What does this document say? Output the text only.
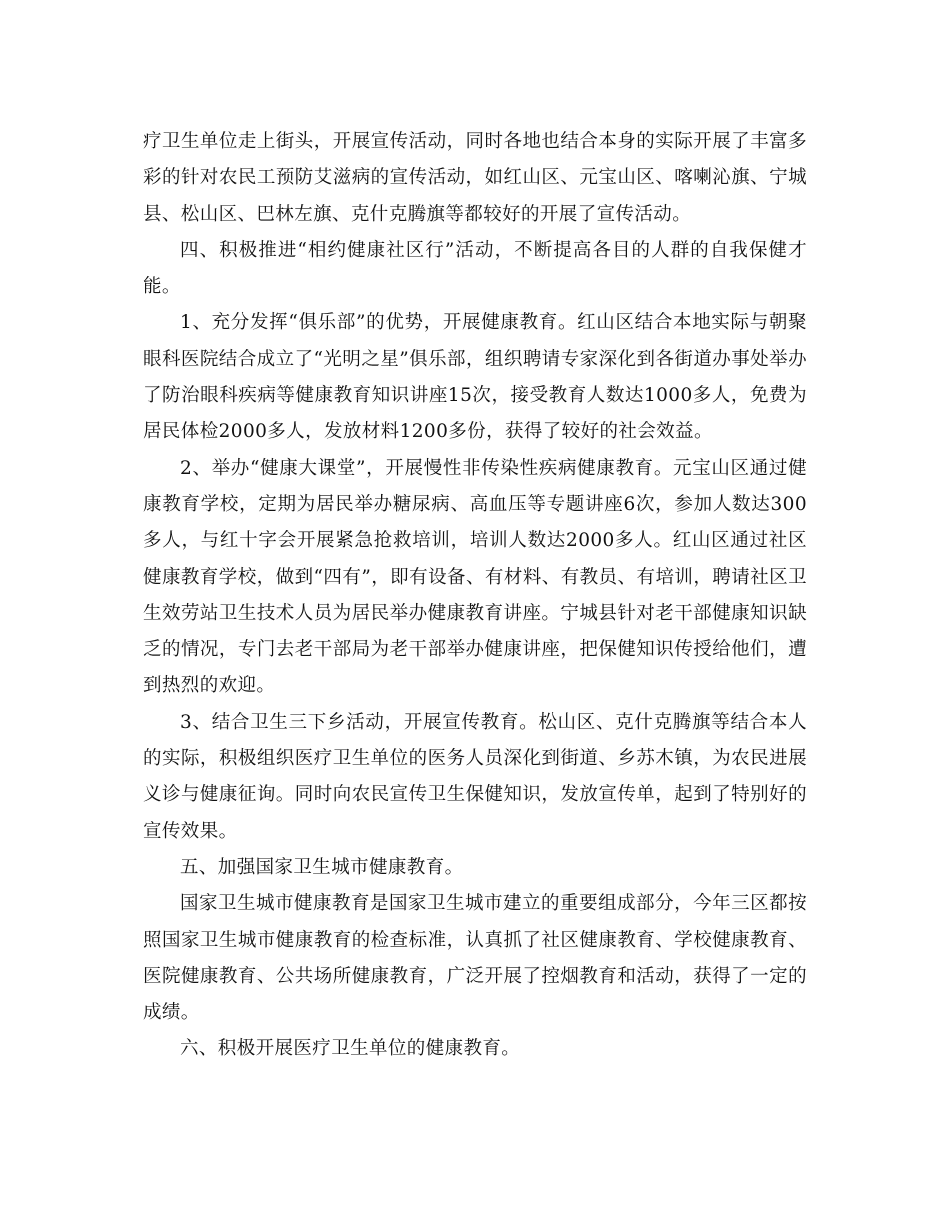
疗卫生单位走上街头，开展宣传活动，同时各地也结合本身的实际开展了丰富多彩的针对农民工预防艾滋病的宣传活动，如红山区、元宝山区、喀喇沁旗、宁城县、松山区、巴林左旗、克什克腾旗等都较好的开展了宣传活动。

四、积极推进“相约健康社区行”活动，不断提高各目的人群的自我保健才能。

1、充分发挥“俱乐部”的优势，开展健康教育。红山区结合本地实际与朝聚眼科医院结合成立了“光明之星”俱乐部，组织聘请专家深化到各街道办事处举办了防治眼科疾病等健康教育知识讲座15次，接受教育人数达1000多人，免费为居民体检2000多人，发放材料1200多份，获得了较好的社会效益。

2、举办“健康大课堂”，开展慢性非传染性疾病健康教育。元宝山区通过健康教育学校，定期为居民举办糖尿病、高血压等专题讲座6次，参加人数达300多人，与红十字会开展紧急抢救培训，培训人数达2000多人。红山区通过社区健康教育学校，做到“四有”，即有设备、有材料、有教员、有培训，聘请社区卫生效劳站卫生技术人员为居民举办健康教育讲座。宁城县针对老干部健康知识缺乏的情况，专门去老干部局为老干部举办健康讲座，把保健知识传授给他们，遭到热烈的欢迎。

3、结合卫生三下乡活动，开展宣传教育。松山区、克什克腾旗等结合本人的实际，积极组织医疗卫生单位的医务人员深化到街道、乡苏木镇，为农民进展义诊与健康征询。同时向农民宣传卫生保健知识，发放宣传单，起到了特别好的宣传效果。

五、加强国家卫生城市健康教育。

国家卫生城市健康教育是国家卫生城市建立的重要组成部分，今年三区都按照国家卫生城市健康教育的检查标准，认真抓了社区健康教育、学校健康教育、医院健康教育、公共场所健康教育，广泛开展了控烟教育和活动，获得了一定的成绩。

六、积极开展医疗卫生单位的健康教育。
